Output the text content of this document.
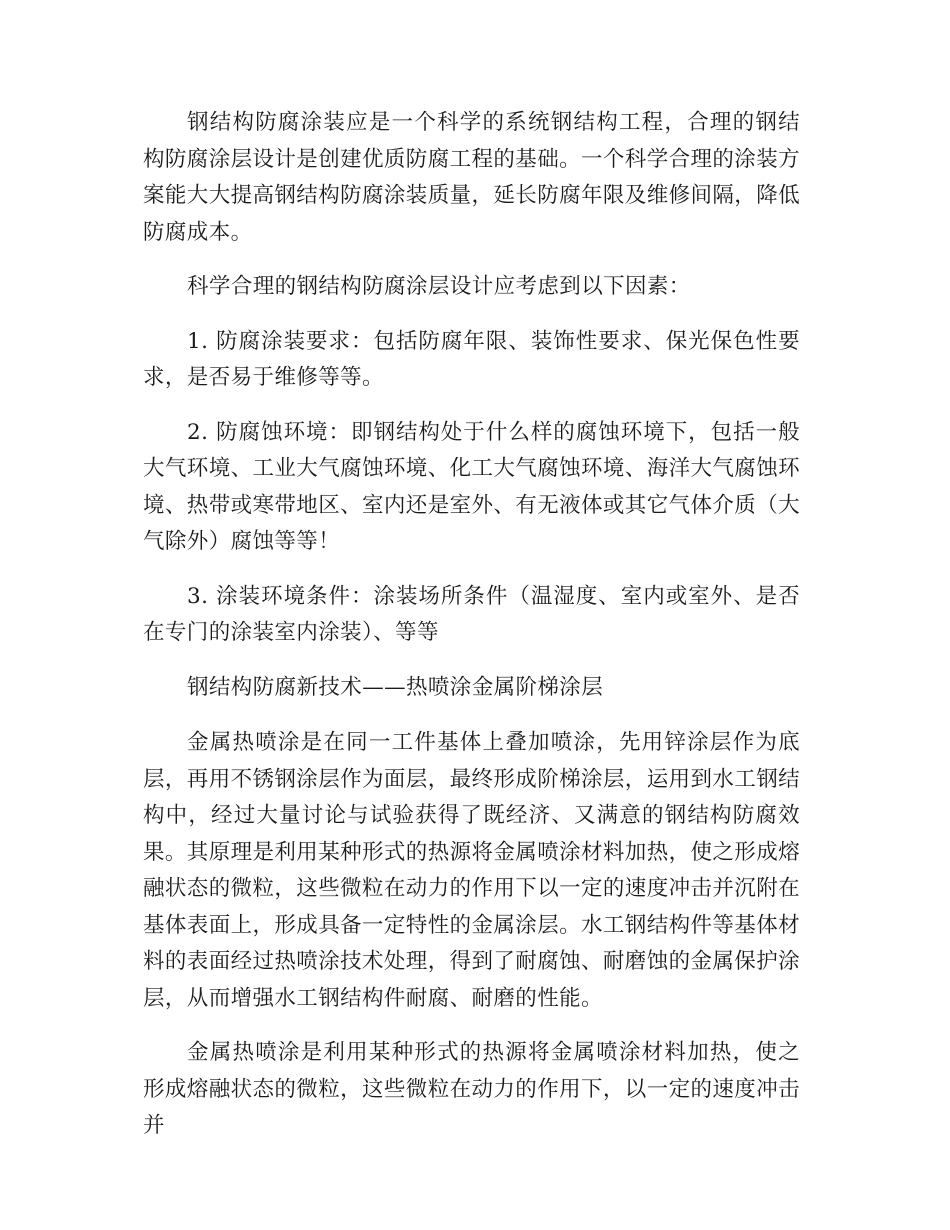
钢结构防腐涂装应是一个科学的系统钢结构工程，合理的钢结构防腐涂层设计是创建优质防腐工程的基础。一个科学合理的涂装方案能大大提高钢结构防腐涂装质量，延长防腐年限及维修间隔，降低防腐成本。

科学合理的钢结构防腐涂层设计应考虑到以下因素：

1. 防腐涂装要求：包括防腐年限、装饰性要求、保光保色性要求，是否易于维修等等。

2. 防腐蚀环境：即钢结构处于什么样的腐蚀环境下，包括一般大气环境、工业大气腐蚀环境、化工大气腐蚀环境、海洋大气腐蚀环境、热带或寒带地区、室内还是室外、有无液体或其它气体介质（大气除外）腐蚀等等！

3. 涂装环境条件：涂装场所条件（温湿度、室内或室外、是否在专门的涂装室内涂装）、等等

钢结构防腐新技术——热喷涂金属阶梯涂层

金属热喷涂是在同一工件基体上叠加喷涂，先用锌涂层作为底层，再用不锈钢涂层作为面层，最终形成阶梯涂层，运用到水工钢结构中，经过大量讨论与试验获得了既经济、又满意的钢结构防腐效果。其原理是利用某种形式的热源将金属喷涂材料加热，使之形成熔融状态的微粒，这些微粒在动力的作用下以一定的速度冲击并沉附在基体表面上，形成具备一定特性的金属涂层。水工钢结构件等基体材料的表面经过热喷涂技术处理，得到了耐腐蚀、耐磨蚀的金属保护涂层，从而增强水工钢结构件耐腐、耐磨的性能。

金属热喷涂是利用某种形式的热源将金属喷涂材料加热，使之形成熔融状态的微粒，这些微粒在动力的作用下，以一定的速度冲击并
